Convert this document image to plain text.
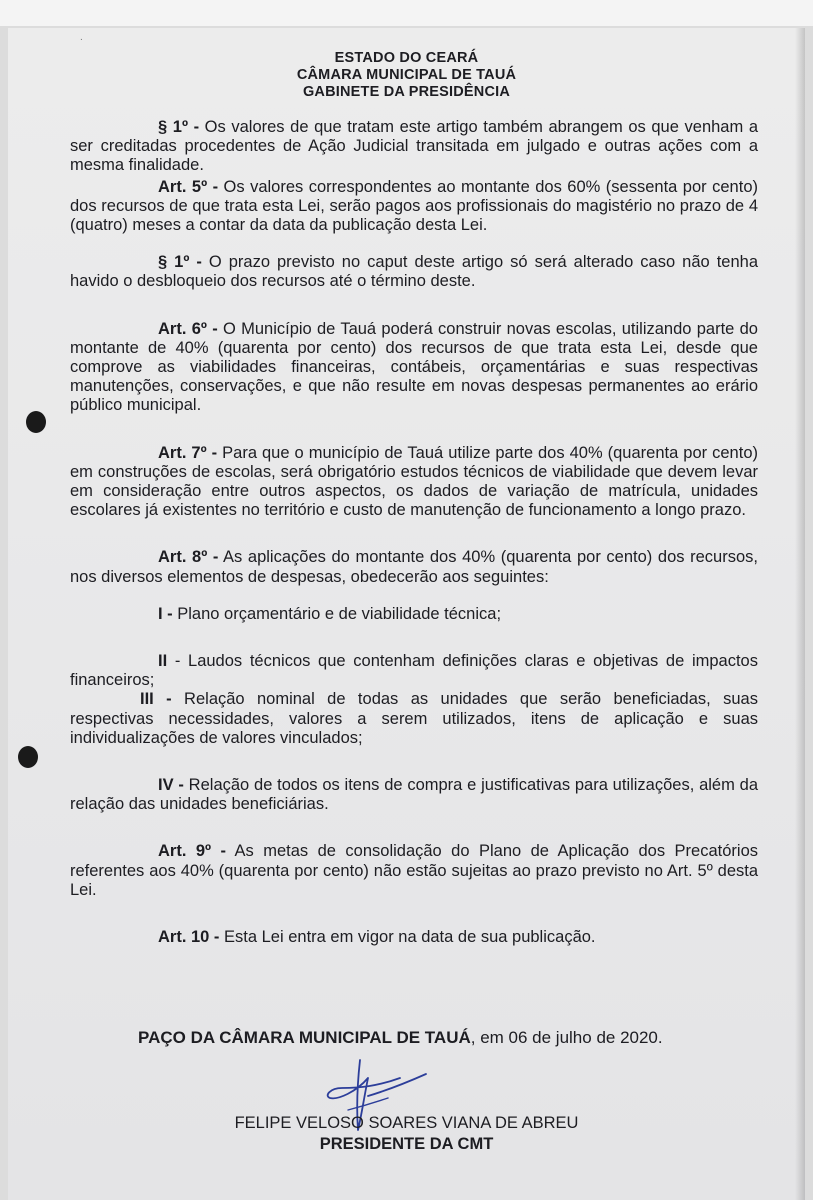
.
ESTADO DO CEARÁ
CÂMARA MUNICIPAL DE TAUÁ
GABINETE DA PRESIDÊNCIA

§ 1º - Os valores de que tratam este artigo também abrangem os que venham a ser creditadas procedentes de Ação Judicial transitada em julgado e outras ações com a mesma finalidade.

Art. 5º - Os valores correspondentes ao montante dos 60% (sessenta por cento) dos recursos de que trata esta Lei, serão pagos aos profissionais do magistério no prazo de 4 (quatro) meses a contar da data da publicação desta Lei.

§ 1º - O prazo previsto no caput deste artigo só será alterado caso não tenha havido o desbloqueio dos recursos até o término deste.

Art. 6º - O Município de Tauá poderá construir novas escolas, utilizando parte do montante de 40% (quarenta por cento) dos recursos de que trata esta Lei, desde que comprove as viabilidades financeiras, contábeis, orçamentárias e suas respectivas manutenções, conservações, e que não resulte em novas despesas permanentes ao erário público municipal.

Art. 7º - Para que o município de Tauá utilize parte dos 40% (quarenta por cento) em construções de escolas, será obrigatório estudos técnicos de viabilidade que devem levar em consideração entre outros aspectos, os dados de variação de matrícula, unidades escolares já existentes no território e custo de manutenção de funcionamento a longo prazo.

Art. 8º - As aplicações do montante dos 40% (quarenta por cento) dos recursos, nos diversos elementos de despesas, obedecerão aos seguintes:

I - Plano orçamentário e de viabilidade técnica;

II - Laudos técnicos que contenham definições claras e objetivas de impactos financeiros;

III - Relação nominal de todas as unidades que serão beneficiadas, suas respectivas necessidades, valores a serem utilizados, itens de aplicação e suas individualizações de valores vinculados;

IV - Relação de todos os itens de compra e justificativas para utilizações, além da relação das unidades beneficiárias.

Art. 9º - As metas de consolidação do Plano de Aplicação dos Precatórios referentes aos 40% (quarenta por cento) não estão sujeitas ao prazo previsto no Art. 5º desta Lei.

Art. 10 - Esta Lei entra em vigor na data de sua publicação.

PAÇO DA CÂMARA MUNICIPAL DE TAUÁ, em 06 de julho de 2020.
FELIPE VELOSO SOARES VIANA DE ABREU
PRESIDENTE DA CMT
